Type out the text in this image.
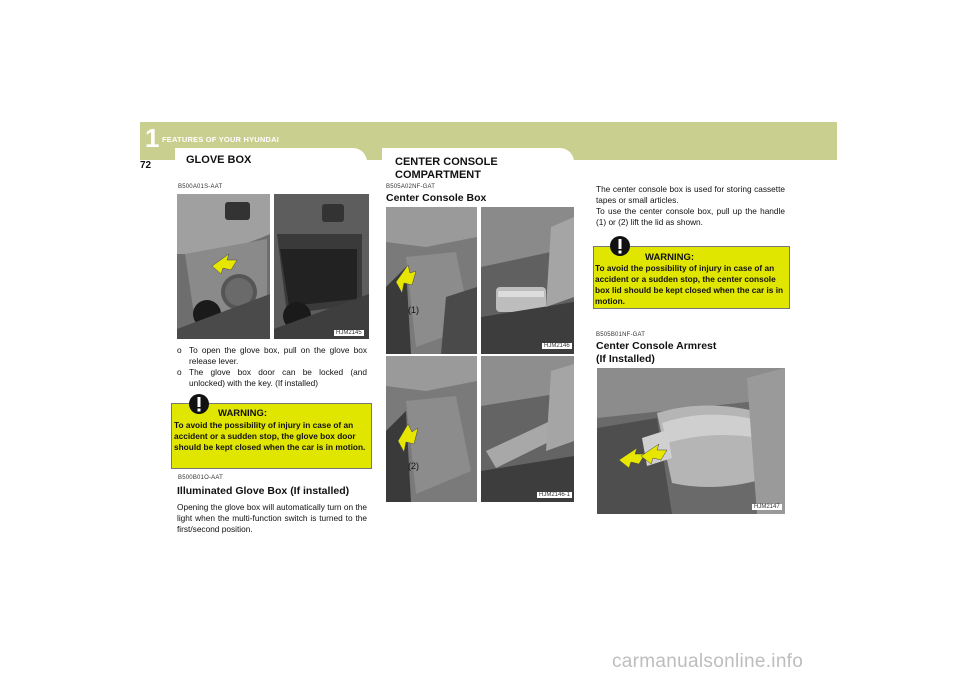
1 FEATURES OF YOUR HYUNDAI
72	GLOVE BOX	CENTER CONSOLE
COMPARTMENT
B500A01S-AAT
HJM2145
o To open the glove box, pull on the glove box release lever.
o The glove box door can be locked (and unlocked) with the key. (If installed)
WARNING:
To avoid the possibility of injury in case of an accident or a sudden stop, the glove box door should be kept closed when the car is in motion.
B500B01O-AAT
Illuminated Glove Box (If installed)
Opening the glove box will automatically turn on the light when the multi-function switch is turned to the first/second position.
B505A02NF-GAT
Center Console Box
(1)
HJM2146
(2)
HJM2146-1
The center console box is used for storing cassette tapes or small articles.
To use the center console box, pull up the handle (1) or (2) lift the lid as shown.
WARNING:
To avoid the possibility of injury in case of an accident or a sudden stop, the center console box lid should be kept closed when the car is in motion.
B505B01NF-GAT
Center Console Armrest
(If Installed)
HJM2147
carmanualsonline.info
